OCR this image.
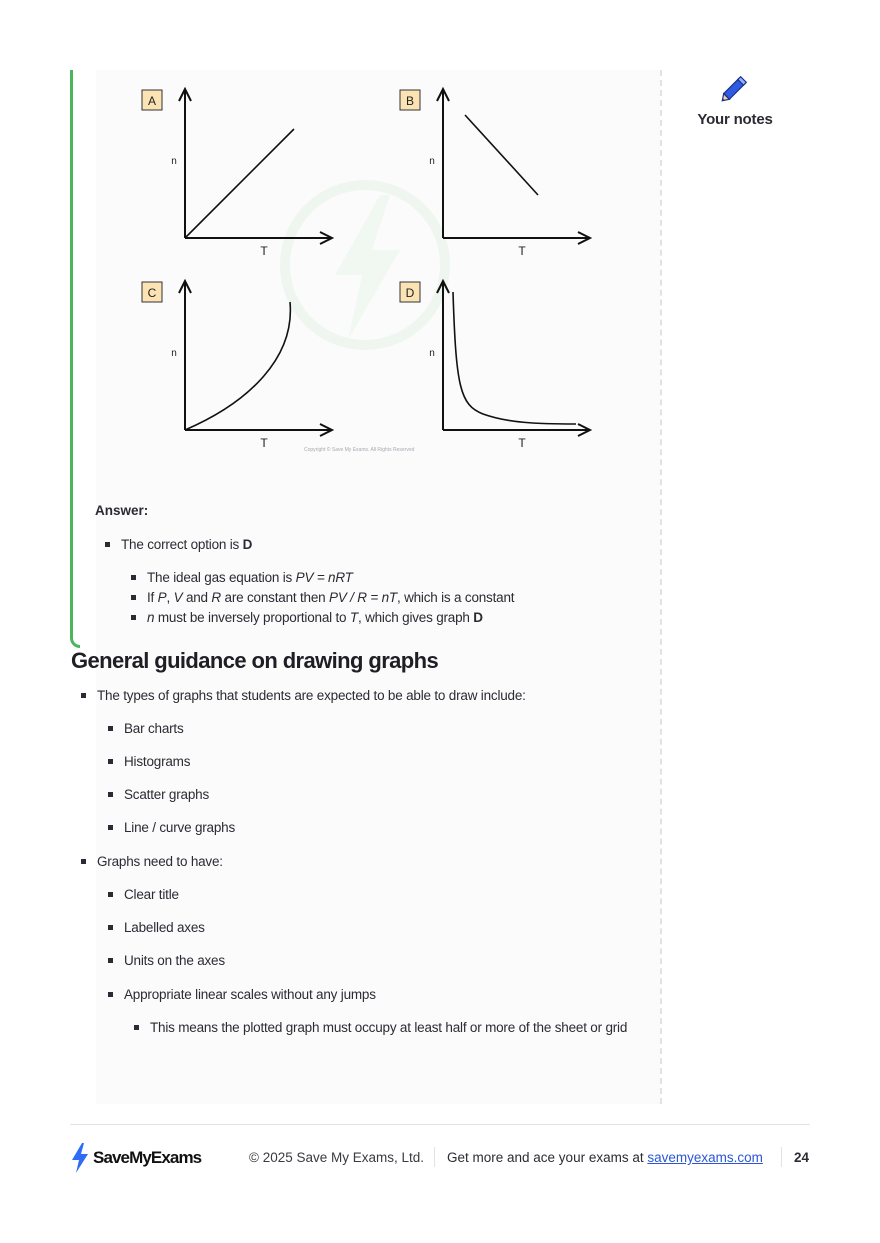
Your notes
A
n
T
B
n
T
C
n
T
D
n
T
Copyright © Save My Exams. All Rights Reserved
Answer:
The correct option is D
The ideal gas equation is PV = nRT
If P, V and R are constant then PV / R = nT, which is a constant
n must be inversely proportional to T, which gives graph D
General guidance on drawing graphs
The types of graphs that students are expected to be able to draw include:
Bar charts
Histograms
Scatter graphs
Line / curve graphs
Graphs need to have:
Clear title
Labelled axes
Units on the axes
Appropriate linear scales without any jumps
This means the plotted graph must occupy at least half or more of the sheet or grid
SaveMyExams	© 2025 Save My Exams, Ltd. Get more and ace your exams at savemyexams.com 24
